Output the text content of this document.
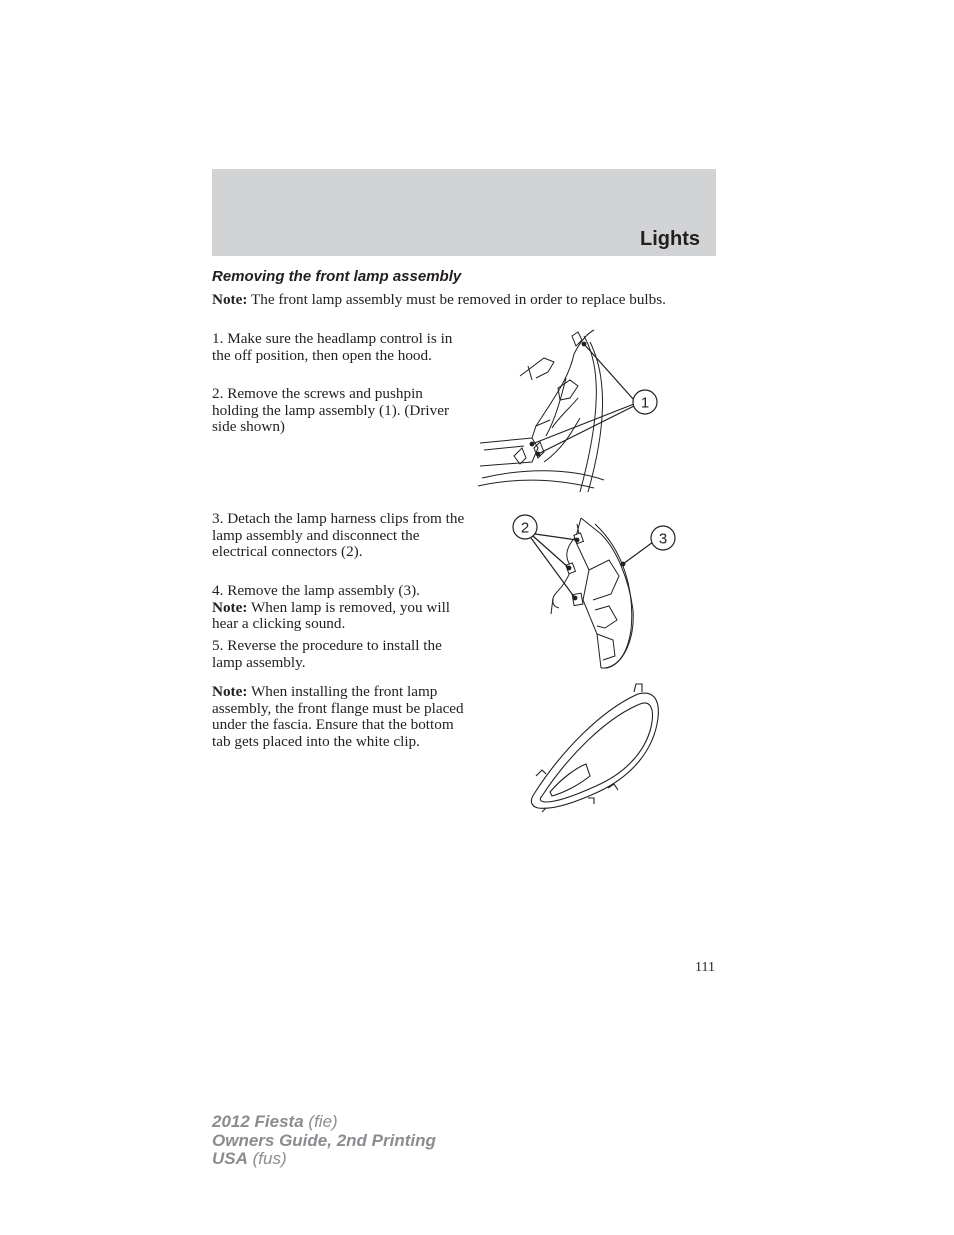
Lights
Removing the front lamp assembly

Note: The front lamp assembly must be removed in order to replace bulbs.

1. Make sure the headlamp control is in the off position, then open the hood.

2. Remove the screws and pushpin holding the lamp assembly (1). (Driver side shown)

3. Detach the lamp harness clips from the lamp assembly and disconnect the electrical connectors (2).

4. Remove the lamp assembly (3).
Note: When lamp is removed, you will hear a clicking sound.

5. Reverse the procedure to install the lamp assembly.

Note: When installing the front lamp assembly, the front flange must be placed under the fascia. Ensure that the bottom tab gets placed into the white clip.

1
2
3
111
2012 Fiesta (fie)
Owners Guide, 2nd Printing
USA (fus)
